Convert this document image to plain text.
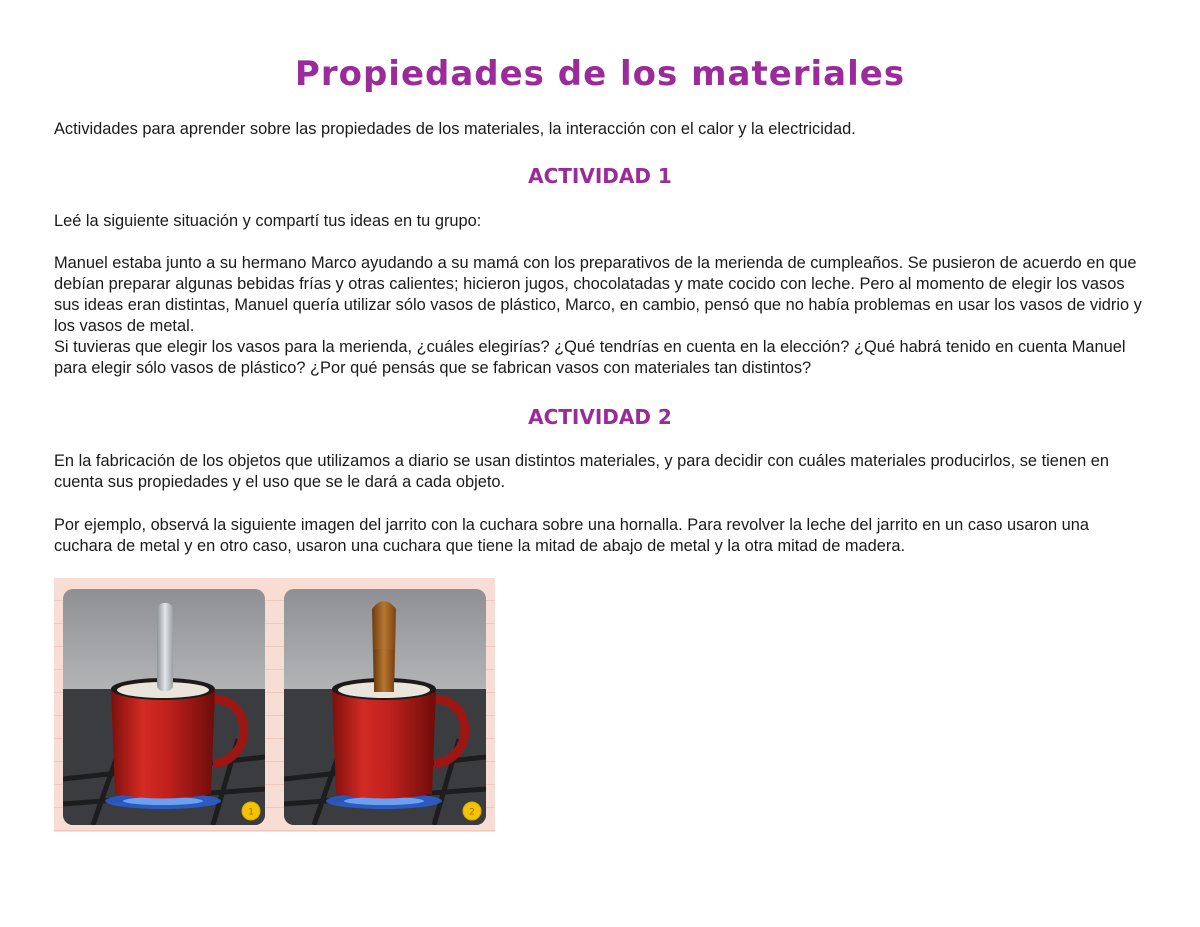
Propiedades de los materiales

Actividades para aprender sobre las propiedades de los materiales, la interacción con el calor y la electricidad.

ACTIVIDAD 1

Leé la siguiente situación y compartí tus ideas en tu grupo:

Manuel estaba junto a su hermano Marco ayudando a su mamá con los preparativos de la merienda de cumpleaños. Se pusieron de acuerdo en que debían preparar algunas bebidas frías y otras calientes; hicieron jugos, chocolatadas y mate cocido con leche. Pero al momento de elegir los vasos sus ideas eran distintas, Manuel quería utilizar sólo vasos de plástico, Marco, en cambio, pensó que no había problemas en usar los vasos de vidrio y los vasos de metal.

Si tuvieras que elegir los vasos para la merienda, ¿cuáles elegirías? ¿Qué tendrías en cuenta en la elección? ¿Qué habrá tenido en cuenta Manuel para elegir sólo vasos de plástico? ¿Por qué pensás que se fabrican vasos con materiales tan distintos?

ACTIVIDAD 2

En la fabricación de los objetos que utilizamos a diario se usan distintos materiales, y para decidir con cuáles materiales producirlos, se tienen en cuenta sus propiedades y el uso que se le dará a cada objeto.

Por ejemplo, observá la siguiente imagen del jarrito con la cuchara sobre una hornalla. Para revolver la leche del jarrito en un caso usaron una cuchara de metal y en otro caso, usaron una cuchara que tiene la mitad de abajo de metal y la otra mitad de madera.

1	2
